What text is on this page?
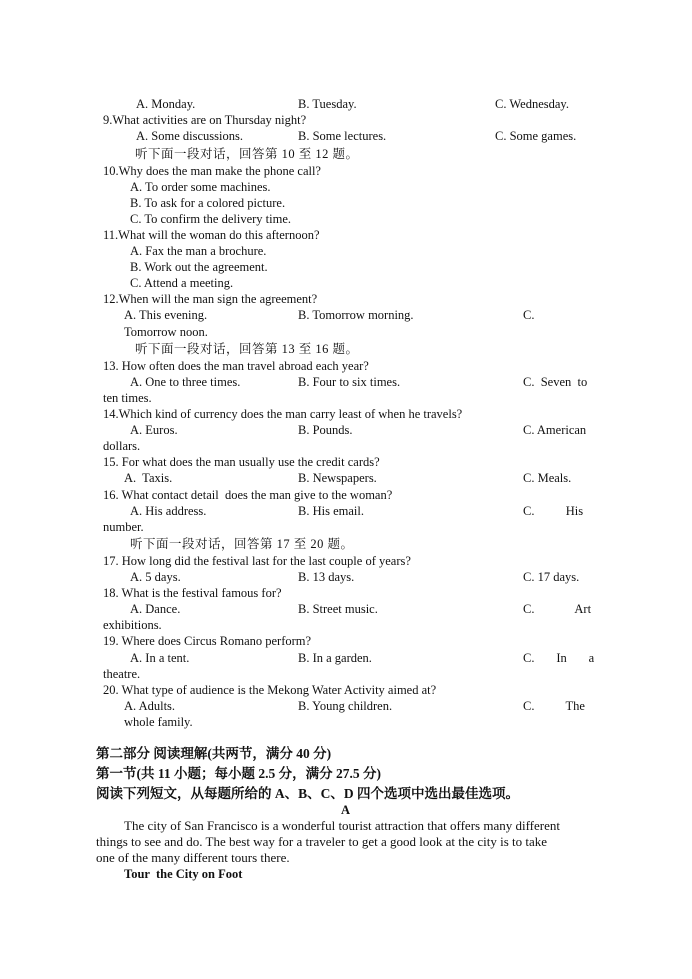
A. Monday.	B. Tuesday.	C. Wednesday.
9.What activities are on Thursday night?
A. Some discussions.	B. Some lectures.	C. Some games.
听下面一段对话，回答第 10 至 12 题。
10.Why does the man make the phone call?
A. To order some machines.
B. To ask for a colored picture.
C. To confirm the delivery time.
11.What will the woman do this afternoon?
A. Fax the man a brochure.
B. Work out the agreement.
C. Attend a meeting.
12.When will the man sign the agreement?
A. This evening.	B. Tomorrow morning.	C.
Tomorrow noon.
听下面一段对话，回答第 13 至 16 题。
13. How often does the man travel abroad each year?
A. One to three times.	B. Four to six times.	C.  Seven  to
ten times.
14.Which kind of currency does the man carry least of when he travels?
A. Euros.	B. Pounds.	C. American
dollars.
15. For what does the man usually use the credit cards?
A.  Taxis.	B. Newspapers.	C. Meals.
16. What contact detail  does the man give to the woman?
A. His address.	B. His email.	C.          His
number.
听下面一段对话，回答第 17 至 20 题。
17. How long did the festival last for the last couple of years?
A. 5 days.	B. 13 days.	C. 17 days.
18. What is the festival famous for?
A. Dance.	B. Street music.	C.             Art
exhibitions.
19. Where does Circus Romano perform?
A. In a tent.	B. In a garden.	C.       In       a
theatre.
20. What type of audience is the Mekong Water Activity aimed at?
A. Adults.	B. Young children.	C.          The
whole family.
第二部分 阅读理解(共两节，满分 40 分)
第一节(共 11 小题；每小题 2.5 分，满分 27.5 分)
阅读下列短文，从每题所给的 A、B、C、D 四个选项中选出最佳选项。
A
The city of San Francisco is a wonderful tourist attraction that offers many different
things to see and do. The best way for a traveler to get a good look at the city is to take
one of the many different tours there.
Tour  the City on Foot
